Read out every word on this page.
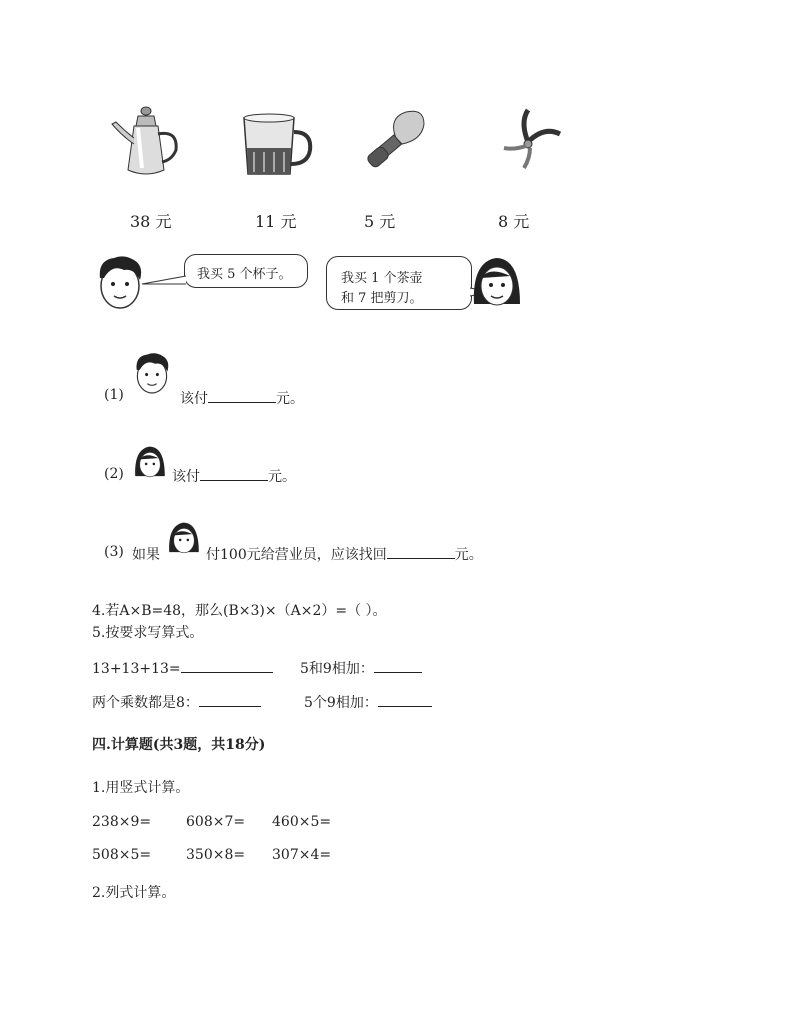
38 元	11 元	5 元	8 元
我买 5 个杯子。	我买 1 个茶壶
和 7 把剪刀。
(1)	该付	元。
(2)	该付	元。
(3) 如果	付100元给营业员，应该找回	元。
4.若A×B=48，那么(B×3)×（A×2）=（ ）。
5.按要求写算式。
13+13+13=	5和9相加：
两个乘数都是8：	5个9相加：
四.计算题(共3题，共18分)
1.用竖式计算。
238×9= 608×7= 460×5=
508×5= 350×8= 307×4=
2.列式计算。
